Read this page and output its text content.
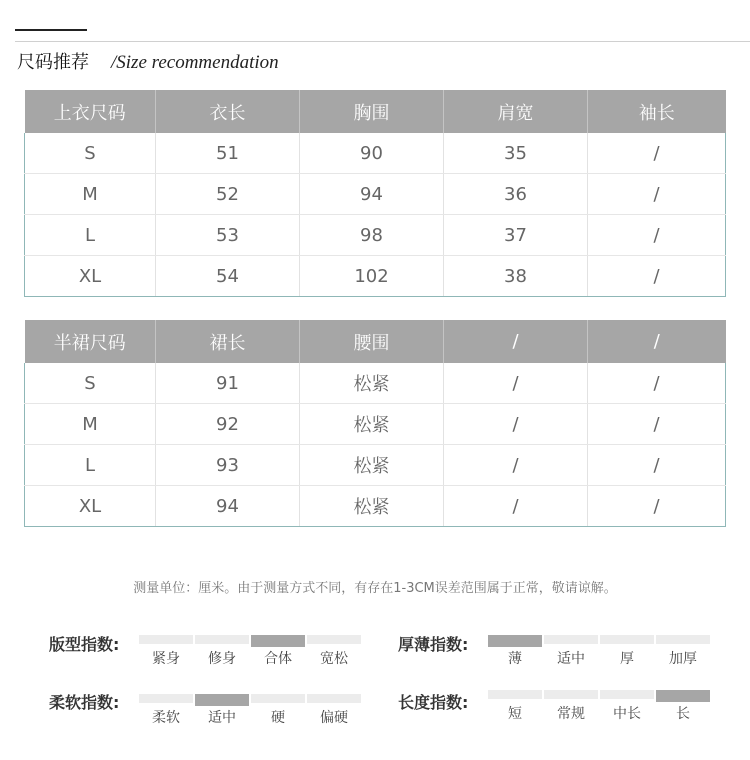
尺码推荐 /Size recommendation
上衣尺码	衣长	胸围	肩宽	袖长
S	51	90	35	/
M	52	94	36	/
L	53	98	37	/
XL	54	102	38	/
半裙尺码	裙长	腰围	/	/
S	91	松紧	/	/
M	92	松紧	/	/
L	93	松紧	/	/
XL	94	松紧	/	/
测量单位：厘米。由于测量方式不同，有存在1-3CM误差范围属于正常，敬请谅解。
版型指数:
紧身	修身	合体	宽松
厚薄指数:
薄	适中	厚	加厚
柔软指数:
柔软	适中	硬	偏硬
长度指数:
短	常规	中长	长
